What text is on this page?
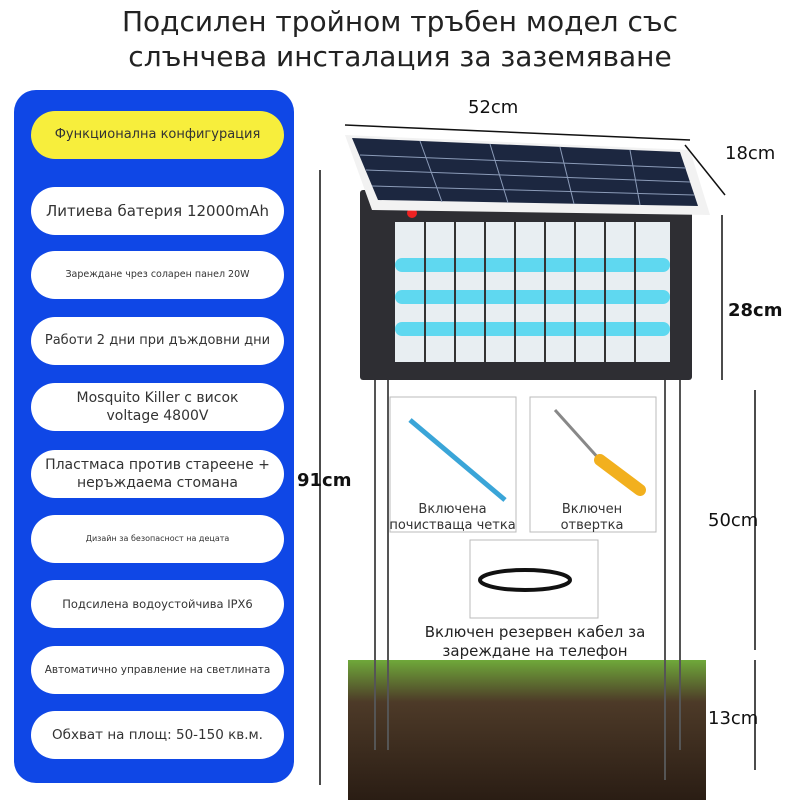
Подсилен тройном тръбен модел със
слънчева инсталация за заземяване
Функционална конфигурация
Литиева батерия 12000mAh
Зареждане чрез соларен панел 20W
Работи 2 дни при дъждовни дни
Mosquito Killer с висок voltage 4800V
Пластмаса против стареене + неръждаема стомана
Дизайн за безопасност на децата
Подсилена водоустойчива IPX6
Автоматично управление на светлината
Обхват на площ: 50-150 кв.м.
52cm
18cm
28cm
91cm
50cm
13cm
Включена почистваща четка
Включен отвертка
Включен резервен кабел за зареждане на телефон
